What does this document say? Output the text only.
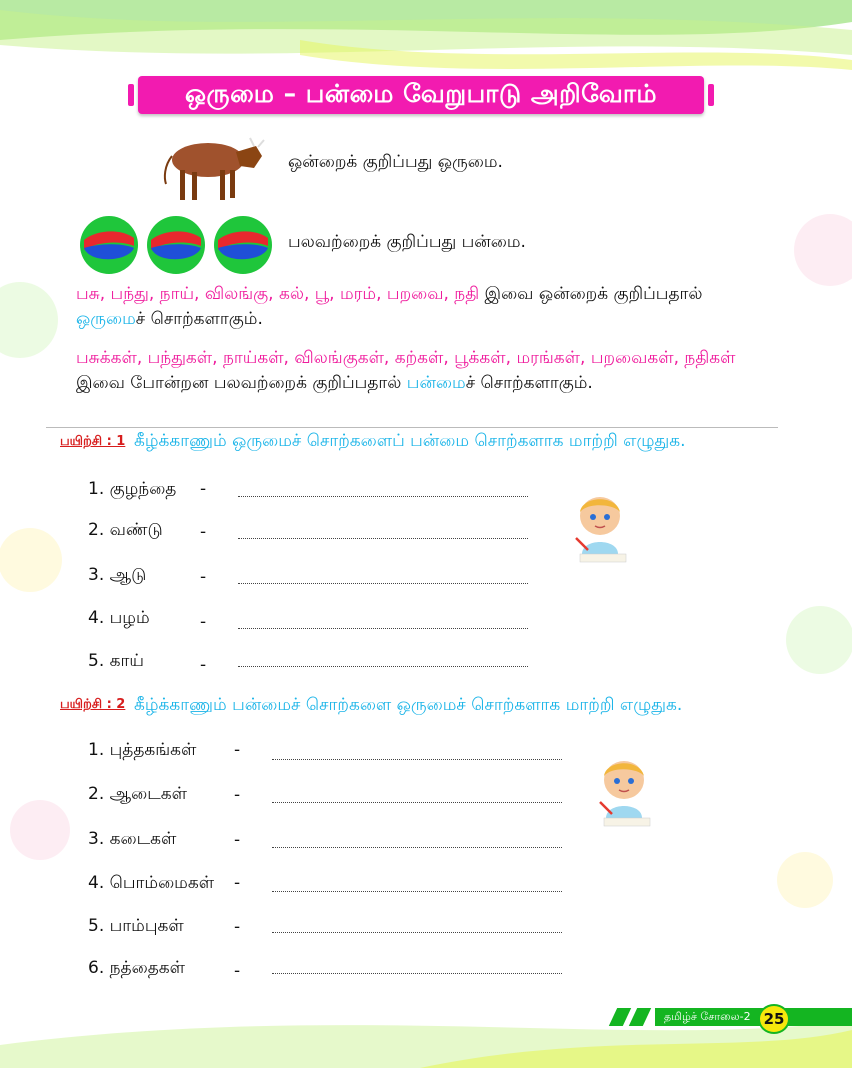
ஒருமை – பன்மை வேறுபாடு அறிவோம்
ஒன்றைக் குறிப்பது ஒருமை.
பலவற்றைக் குறிப்பது பன்மை.
பசு, பந்து, நாய், விலங்கு, கல், பூ, மரம், பறவை, நதி இவை ஒன்றைக் குறிப்பதால் ஒருமைச் சொற்களாகும்.
பசுக்கள், பந்துகள், நாய்கள், விலங்குகள், கற்கள், பூக்கள், மரங்கள், பறவைகள், நதிகள் இவை போன்றன பலவற்றைக் குறிப்பதால் பன்மைச் சொற்களாகும்.
பயிற்சி : 1 கீழ்க்காணும் ஒருமைச் சொற்களைப் பன்மை சொற்களாக மாற்றி எழுதுக.
1. குழந்தை -
2. வண்டு -
3. ஆடு	-
4. பழம்	-
5. காய்	-
பயிற்சி : 2 கீழ்க்காணும் பன்மைச் சொற்களை ஒருமைச் சொற்களாக மாற்றி எழுதுக.
1. புத்தகங்கள் -
2. ஆடைகள்	-
3. கடைகள்	-
4. பொம்மைகள் -
5. பாம்புகள்	-
6. நத்தைகள்	-
தமிழ்ச் சோலை-2 25
